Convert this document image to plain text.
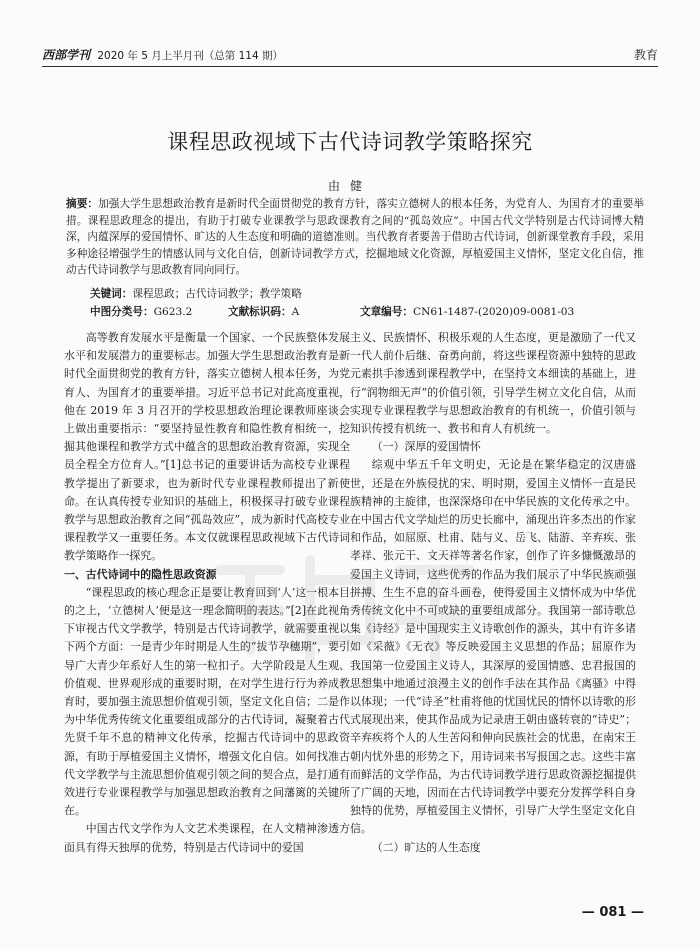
西部学刊 2020 年 5 月上半月刊（总第 114 期）	教育
课程思政视域下古代诗词教学策略探究
由健
摘要：加强大学生思想政治教育是新时代全面贯彻党的教育方针，落实立德树人的根本任务，为党育人、为国育才的重要举措。课程思政理念的提出，有助于打破专业课教学与思政课教育之间的“孤岛效应”。中国古代文学特别是古代诗词博大精深，内蕴深厚的爱国情怀、旷达的人生态度和明确的道德准则。当代教育者要善于借助古代诗词，创新课堂教育手段，采用多种途径增强学生的情感认同与文化自信，创新诗词教学方式，挖掘地域文化资源，厚植爱国主义情怀，坚定文化自信，推动古代诗词教学与思政教育同向同行。
关键词：课程思政；古代诗词教学；教学策略
中图分类号：G623.2	文献标识码：A	文章编号：CN61-1487-(2020)09-0081-03

高等教育发展水平是衡量一个国家、一个民族整体发展水平和发展潜力的重要标志。加强大学生思想政治教育是新时代全面贯彻党的教育方针，落实立德树人根本任务，为党育人、为国育才的重要举措。习近平总书记对此高度重视，他在 2019 年 3 月召开的学校思想政治理论课教师座谈会上做出重要指示：“要坚持显性教育和隐性教育相统一，挖掘其他课程和教学方式中蕴含的思想政治教育资源，实现全员全程全方位育人。”[1]总书记的重要讲话为高校专业课程教学提出了新要求，也为新时代专业课程教师提出了新使命。在认真传授专业知识的基础上，积极探寻打破专业课程教学与思想政治教育之间“孤岛效应”，成为新时代高校专业课程教学又一重要任务。本文仅就课程思政视域下古代诗词教学策略作一探究。

一、古代诗词中的隐性思政资源

“课程思政的核心理念正是要让教育回到‘人’这一根本目的之上，‘立德树人’便是这一理念简明的表达。”[2]在此视角下审视古代文学教学，特别是古代诗词教学，就需要重视以下两个方面：一是青少年时期是人生的“拔节孕穗期”，要引导广大青少年系好人生的第一粒扣子。大学阶段是人生观、价值观、世界观形成的重要时期，在对学生进行行为养成教育时，要加强主流思想价值观引领，坚定文化自信；二是作为中华优秀传统文化重要组成部分的古代诗词，凝聚着古代先贤千年不息的精神文化传承，挖掘古代诗词中的思政资源，有助于厚植爱国主义情怀，增强文化自信。如何找准古代文学教学与主流思想价值观引领之间的契合点，是打通有效进行专业课程教学与加强思想政治教育之间藩篱的关键所在。

中国古代文学作为人文艺术类课程，在人文精神渗透方面具有得天独厚的优势，特别是古代诗词中的爱国

主义、民族情怀、积极乐观的人生态度，更是激励了一代又一代人前仆后继、奋勇向前，将这些课程资源中独特的思政元素拱手渗透到课程教学中，在坚持文本细读的基础上，进行“润物细无声”的价值引领，引导学生树立文化自信，从而实现专业课程教学与思想政治教育的有机统一，价值引领与知识传授有机统一、教书和育人有机统一。

（一）深厚的爱国情怀

综观中华五千年文明史，无论是在繁华稳定的汉唐盛世，还是在外族侵扰的宋、明时期，爱国主义情怀一直是民族精神的主旋律，也深深烙印在中华民族的文化传承之中。在中国古代文学灿烂的历史长廊中，涌现出许多杰出的作家和作品，如屈原、杜甫、陆与义、岳飞、陆游、辛弃疾、张孝祥、张元干、文天祥等著名作家，创作了许多慷慨激昂的爱国主义诗词，这些优秀的作品为我们展示了中华民族顽强拼搏、生生不息的奋斗画卷，使得爱国主义情怀成为中华优秀传统文化中不可或缺的重要组成部分。我国第一部诗歌总集《诗经》是中国现实主义诗歌创作的源头，其中有许多诸如《采薇》《无衣》等反映爱国主义思想的作品；屈原作为我国第一位爱国主义诗人，其深厚的爱国情感、忠君报国的思想集中地通过浪漫主义的创作手法在其作品《离骚》中得以体现；一代“诗圣”杜甫将他的忧国忧民的情怀以诗歌的形式展现出来，使其作品成为记录唐王朝由盛转衰的“诗史”；辛弃疾将个人的人生苦闷和伸向民族社会的忧患，在南宋王朝内忧外患的形势之下，用诗词来书写报国之志。这些丰富而鲜活的文学作品，为古代诗词教学进行思政资源挖掘提供了广阔的天地，因而在古代诗词教学中要充分发挥学科自身独特的优势，厚植爱国主义情怀，引导广大学生坚定文化自信。

（二）旷达的人生态度
— 081 —
